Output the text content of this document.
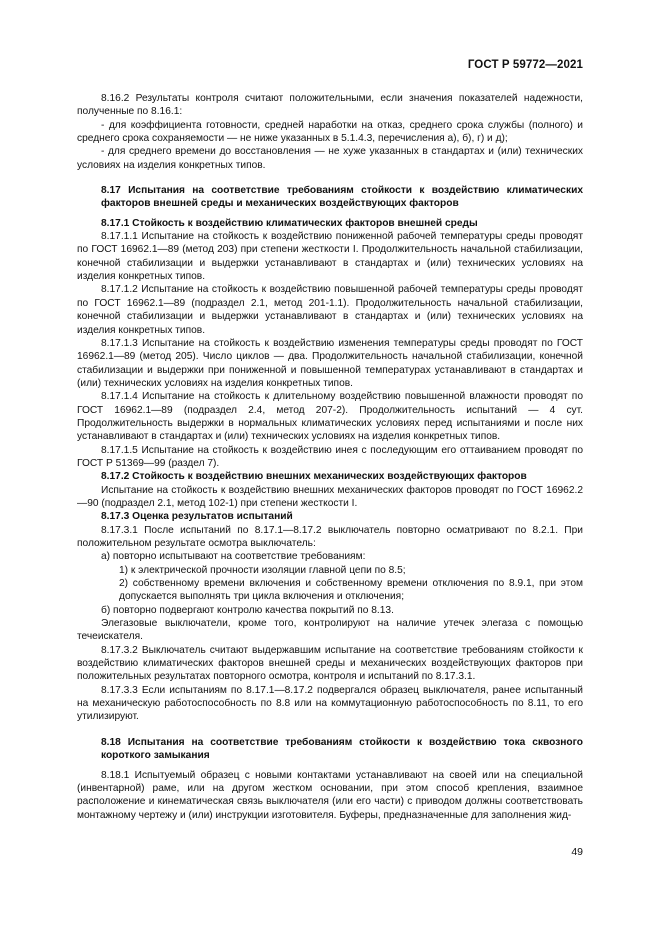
ГОСТ Р 59772—2021

8.16.2 Результаты контроля считают положительными, если значения показателей надежности, полученные по 8.16.1:

- для коэффициента готовности, средней наработки на отказ, среднего срока службы (полного) и среднего срока сохраняемости — не ниже указанных в 5.1.4.3, перечисления а), б), г) и д);

- для среднего времени до восстановления — не хуже указанных в стандартах и (или) технических условиях на изделия конкретных типов.

8.17 Испытания на соответствие требованиям стойкости к воздействию климатических факторов внешней среды и механических воздействующих факторов

8.17.1 Стойкость к воздействию климатических факторов внешней среды

8.17.1.1 Испытание на стойкость к воздействию пониженной рабочей температуры среды проводят по ГОСТ 16962.1—89 (метод 203) при степени жесткости I. Продолжительность начальной стабилизации, конечной стабилизации и выдержки устанавливают в стандартах и (или) технических условиях на изделия конкретных типов.

8.17.1.2 Испытание на стойкость к воздействию повышенной рабочей температуры среды проводят по ГОСТ 16962.1—89 (подраздел 2.1, метод 201-1.1). Продолжительность начальной стабилизации, конечной стабилизации и выдержки устанавливают в стандартах и (или) технических условиях на изделия конкретных типов.

8.17.1.3 Испытание на стойкость к воздействию изменения температуры среды проводят по ГОСТ 16962.1—89 (метод 205). Число циклов — два. Продолжительность начальной стабилизации, конечной стабилизации и выдержки при пониженной и повышенной температурах устанавливают в стандартах и (или) технических условиях на изделия конкретных типов.

8.17.1.4 Испытание на стойкость к длительному воздействию повышенной влажности проводят по ГОСТ 16962.1—89 (подраздел 2.4, метод 207-2). Продолжительность испытаний — 4 сут. Продолжительность выдержки в нормальных климатических условиях перед испытаниями и после них устанавливают в стандартах и (или) технических условиях на изделия конкретных типов.

8.17.1.5 Испытание на стойкость к воздействию инея с последующим его оттаиванием проводят по ГОСТ Р 51369—99 (раздел 7).

8.17.2 Стойкость к воздействию внешних механических воздействующих факторов

Испытание на стойкость к воздействию внешних механических факторов проводят по ГОСТ 16962.2—90 (подраздел 2.1, метод 102-1) при степени жесткости I.

8.17.3 Оценка результатов испытаний

8.17.3.1 После испытаний по 8.17.1—8.17.2 выключатель повторно осматривают по 8.2.1. При положительном результате осмотра выключатель:

а) повторно испытывают на соответствие требованиям:

1) к электрической прочности изоляции главной цепи по 8.5;

2) собственному времени включения и собственному времени отключения по 8.9.1, при этом допускается выполнять три цикла включения и отключения;

б) повторно подвергают контролю качества покрытий по 8.13.

Элегазовые выключатели, кроме того, контролируют на наличие утечек элегаза с помощью течеискателя.

8.17.3.2 Выключатель считают выдержавшим испытание на соответствие требованиям стойкости к воздействию климатических факторов внешней среды и механических воздействующих факторов при положительных результатах повторного осмотра, контроля и испытаний по 8.17.3.1.

8.17.3.3 Если испытаниям по 8.17.1—8.17.2 подвергался образец выключателя, ранее испытанный на механическую работоспособность по 8.8 или на коммутационную работоспособность по 8.11, то его утилизируют.

8.18 Испытания на соответствие требованиям стойкости к воздействию тока сквозного короткого замыкания

8.18.1 Испытуемый образец с новыми контактами устанавливают на своей или на специальной (инвентарной) раме, или на другом жестком основании, при этом способ крепления, взаимное расположение и кинематическая связь выключателя (или его части) с приводом должны соответствовать монтажному чертежу и (или) инструкции изготовителя. Буферы, предназначенные для заполнения жид-

49
